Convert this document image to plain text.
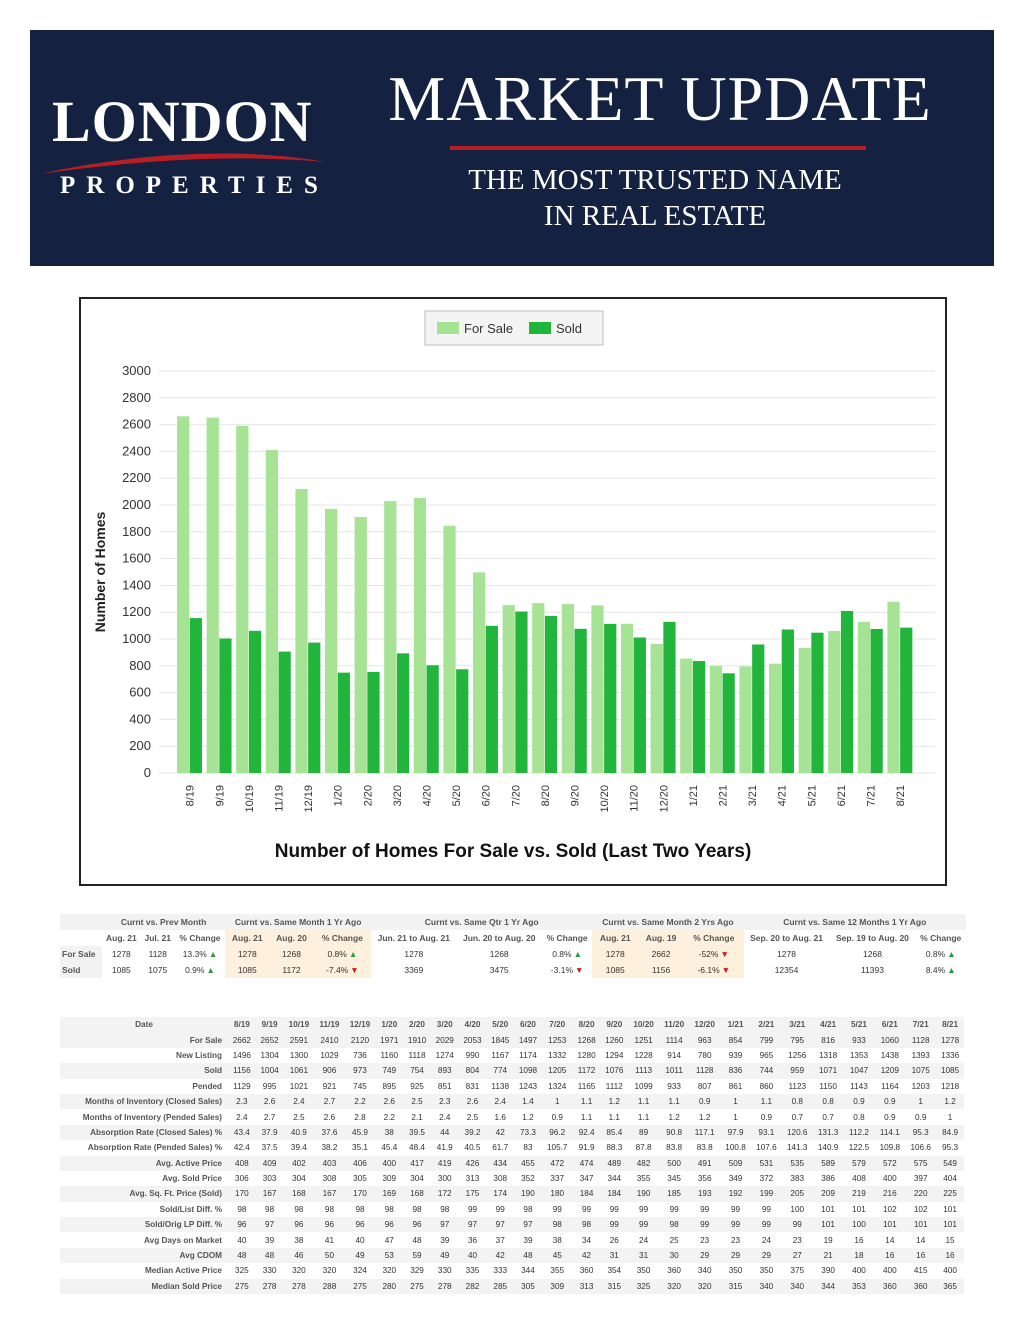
LONDON
PROPERTIES
MARKET UPDATE
THE MOST TRUSTED NAME
IN REAL ESTATE
0
200
400
600
800
1000
1200
1400
1600
1800
2000
2200
2400
2600
2800
3000
Number of Homes
8/19 9/19 10/19 11/19 12/19 1/20 2/20 3/20 4/20 5/20 6/20 7/20 8/20 9/20 10/20 11/20 12/20 1/21 2/21 3/21 4/21 5/21 6/21 7/21 8/21
For Sale	Sold
Number of Homes For Sale vs. Sold (Last Two Years)
	Curnt vs. Prev Month			Curnt vs. Same Month 1 Yr Ago			Curnt vs. Same Qtr 1 Yr Ago			Curnt vs. Same Month 2 Yrs Ago			Curnt vs. Same 12 Months 1 Yr Ago		
	Aug. 21	Jul. 21	% Change	Aug. 21	Aug. 20	% Change	Jun. 21 to Aug. 21	Jun. 20 to Aug. 20	% Change	Aug. 21	Aug. 19	% Change	Sep. 20 to Aug. 21	Sep. 19 to Aug. 20	% Change
For Sale	1278	1128	13.3% ▲	1278	1268	0.8% ▲	1278	1268	0.8% ▲	1278	2662	-52% ▼	1278	1268	0.8% ▲
Sold	1085	1075	0.9% ▲	1085	1172	-7.4% ▼	3369	3475	-3.1% ▼	1085	1156	-6.1% ▼	12354	11393	8.4% ▲
Date	8/19	9/19	10/19	11/19	12/19	1/20	2/20	3/20	4/20	5/20	6/20	7/20	8/20	9/20	10/20	11/20	12/20	1/21	2/21	3/21	4/21	5/21	6/21	7/21	8/21
For Sale	2662	2652	2591	2410	2120	1971	1910	2029	2053	1845	1497	1253	1268	1260	1251	1114	963	854	799	795	816	933	1060	1128	1278
New Listing	1496	1304	1300	1029	736	1160	1118	1274	990	1167	1174	1332	1280	1294	1228	914	780	939	965	1256	1318	1353	1438	1393	1336
Sold	1156	1004	1061	906	973	749	754	893	804	774	1098	1205	1172	1076	1113	1011	1128	836	744	959	1071	1047	1209	1075	1085
Pended	1129	995	1021	921	745	895	925	851	831	1138	1243	1324	1165	1112	1099	933	807	861	860	1123	1150	1143	1164	1203	1218
Months of Inventory (Closed Sales)	2.3	2.6	2.4	2.7	2.2	2.6	2.5	2.3	2.6	2.4	1.4	1	1.1	1.2	1.1	1.1	0.9	1	1.1	0.8	0.8	0.9	0.9	1	1.2
Months of Inventory (Pended Sales)	2.4	2.7	2.5	2.6	2.8	2.2	2.1	2.4	2.5	1.6	1.2	0.9	1.1	1.1	1.1	1.2	1.2	1	0.9	0.7	0.7	0.8	0.9	0.9	1
Absorption Rate (Closed Sales) %	43.4	37.9	40.9	37.6	45.9	38	39.5	44	39.2	42	73.3	96.2	92.4	85.4	89	90.8	117.1	97.9	93.1	120.6	131.3	112.2	114.1	95.3	84.9
Absorption Rate (Pended Sales) %	42.4	37.5	39.4	38.2	35.1	45.4	48.4	41.9	40.5	61.7	83	105.7	91.9	88.3	87.8	83.8	83.8	100.8	107.6	141.3	140.9	122.5	109.8	106.6	95.3
Avg. Active Price	408	409	402	403	406	400	417	419	426	434	455	472	474	489	482	500	491	509	531	535	589	579	572	575	549
Avg. Sold Price	306	303	304	308	305	309	304	300	313	308	352	337	347	344	355	345	356	349	372	383	386	408	400	397	404
Avg. Sq. Ft. Price (Sold)	170	167	168	167	170	169	168	172	175	174	190	180	184	184	190	185	193	192	199	205	209	219	216	220	225
Sold/List Diff. %	98	98	98	98	98	98	98	98	99	99	98	99	99	99	99	99	99	99	99	100	101	101	102	102	101
Sold/Orig LP Diff. %	96	97	96	96	96	96	96	97	97	97	97	98	98	99	99	98	99	99	99	99	101	100	101	101	101
Avg Days on Market	40	39	38	41	40	47	48	39	36	37	39	38	34	26	24	25	23	23	24	23	19	16	14	14	15
Avg CDOM	48	48	46	50	49	53	59	49	40	42	48	45	42	31	31	30	29	29	29	27	21	18	16	16	16
Median Active Price	325	330	320	320	324	320	329	330	335	333	344	355	360	354	350	360	340	350	350	375	390	400	400	415	400
Median Sold Price	275	278	278	288	275	280	275	278	282	285	305	309	313	315	325	320	320	315	340	340	344	353	360	360	365
